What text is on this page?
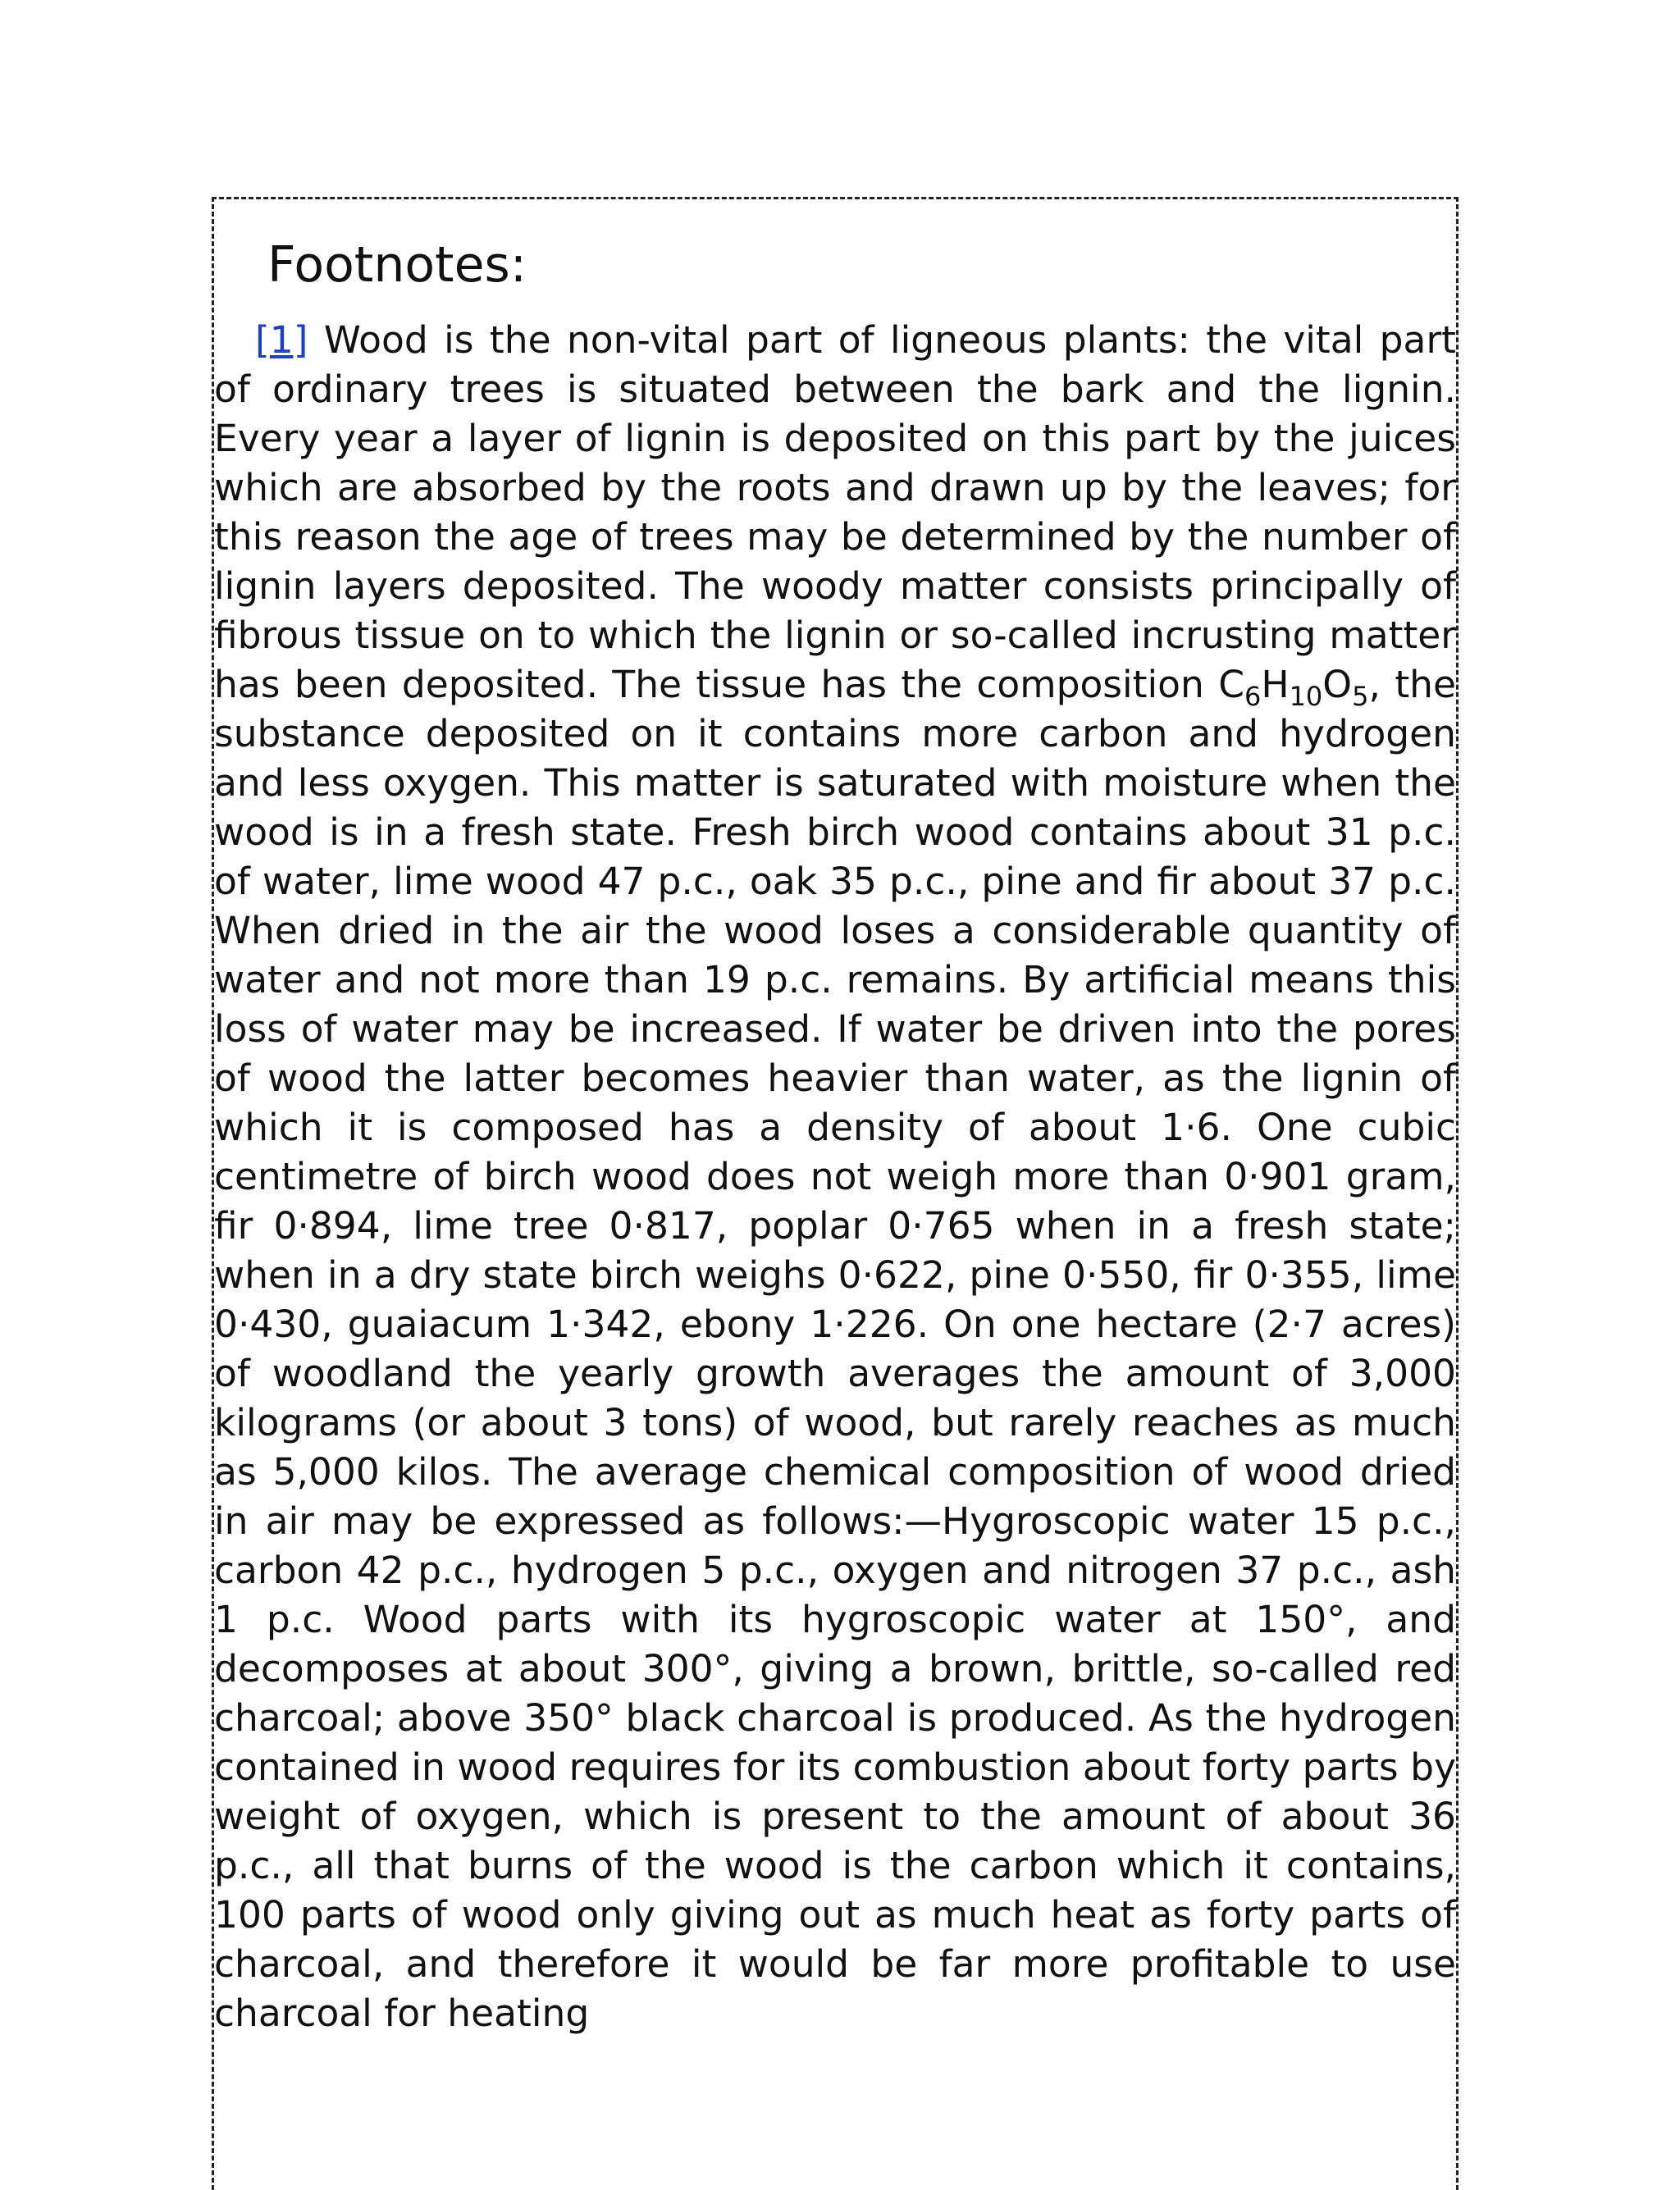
Footnotes:

[1] Wood is the non-vital part of ligneous plants: the vital part of ordinary trees is situated between the bark and the lignin. Every year a layer of lignin is deposited on this part by the juices which are absorbed by the roots and drawn up by the leaves; for this reason the age of trees may be determined by the number of lignin layers deposited. The woody matter consists principally of fibrous tissue on to which the lignin or so-called incrusting matter has been deposited. The tissue has the composition $C_6H_{10}O_5$, the substance deposited on it contains more carbon and hydrogen and less oxygen. This matter is saturated with moisture when the wood is in a fresh state. Fresh birch wood contains about 31 p.c. of water, lime wood 47 p.c., oak 35 p.c., pine and fir about 37 p.c. When dried in the air the wood loses a considerable quantity of water and not more than 19 p.c. remains. By artificial means this loss of water may be increased. If water be driven into the pores of wood the latter becomes heavier than water, as the lignin of which it is composed has a density of about 1·6. One cubic centimetre of birch wood does not weigh more than 0·901 gram, fir 0·894, lime tree 0·817, poplar 0·765 when in a fresh state; when in a dry state birch weighs 0·622, pine 0·550, fir 0·355, lime 0·430, guaiacum 1·342, ebony 1·226. On one hectare (2·7 acres) of woodland the yearly growth averages the amount of 3,000 kilograms (or about 3 tons) of wood, but rarely reaches as much as 5,000 kilos. The average chemical composition of wood dried in air may be expressed as follows:—Hygroscopic water 15 p.c., carbon 42 p.c., hydrogen 5 p.c., oxygen and nitrogen 37 p.c., ash 1 p.c. Wood parts with its hygroscopic water at 150°, and decomposes at about 300°, giving a brown, brittle, so-called red charcoal; above 350° black charcoal is produced. As the hydrogen contained in wood requires for its combustion about forty parts by weight of oxygen, which is present to the amount of about 36 p.c., all that burns of the wood is the carbon which it contains, 100 parts of wood only giving out as much heat as forty parts of charcoal, and therefore it would be far more profitable to use charcoal for heating
